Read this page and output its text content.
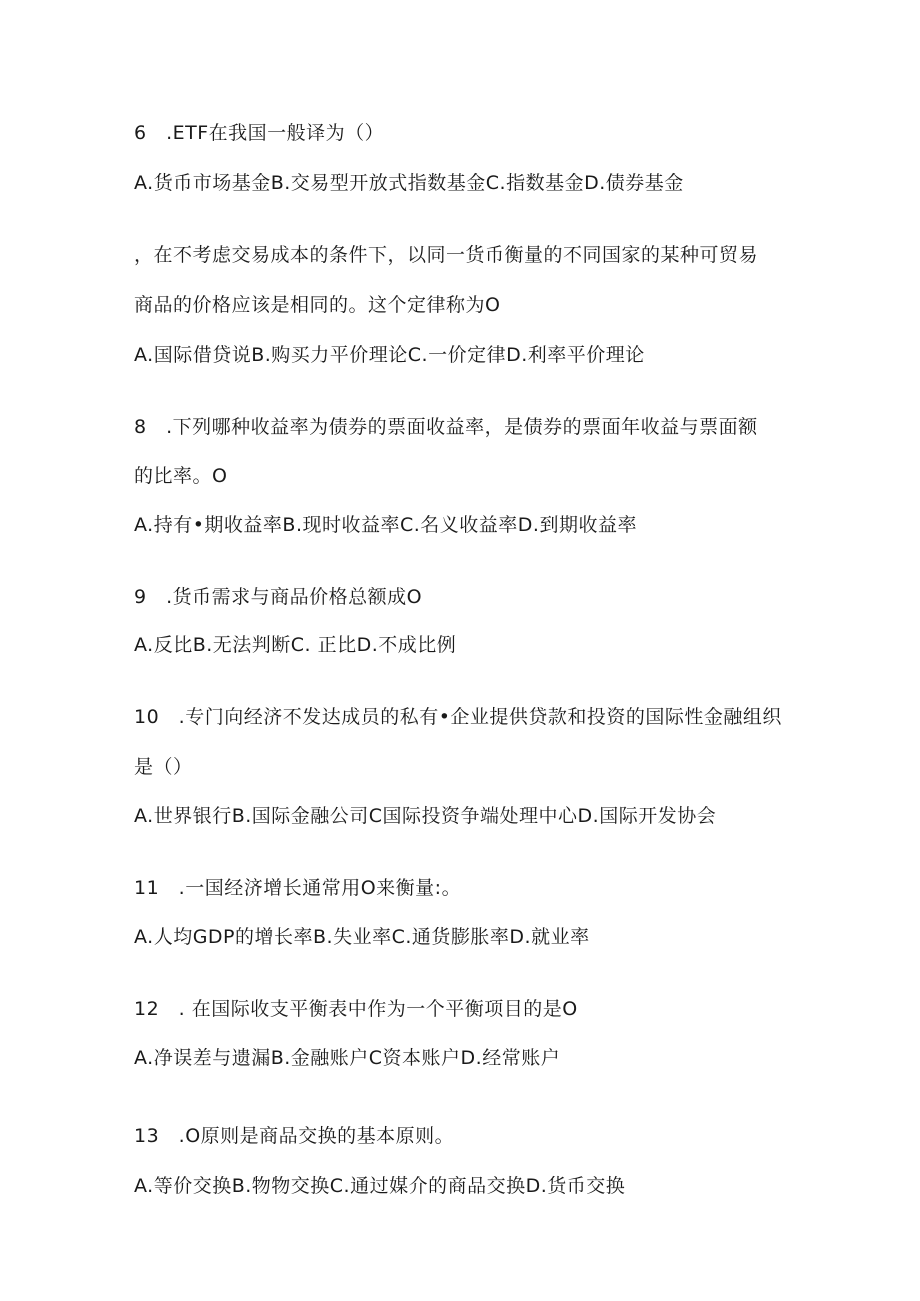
6 .ETF在我国一般译为（）
A.货币市场基金B.交易型开放式指数基金C.指数基金D.债券基金
，在不考虑交易成本的条件下，以同一货币衡量的不同国家的某种可贸易
商品的价格应该是相同的。这个定律称为O
A.国际借贷说B.购买力平价理论C.一价定律D.利率平价理论
8 .下列哪种收益率为债券的票面收益率，是债券的票面年收益与票面额
的比率。O
A.持有•期收益率B.现时收益率C.名义收益率D.到期收益率
9 .货币需求与商品价格总额成O
A.反比B.无法判断C. 正比D.不成比例
10 .专门向经济不发达成员的私有•企业提供贷款和投资的国际性金融组织
是（）
A.世界银行B.国际金融公司C国际投资争端处理中心D.国际开发协会
11 .一国经济增长通常用O来衡量:。
A.人均GDP的增长率B.失业率C.通货膨胀率D.就业率
12 . 在国际收支平衡表中作为一个平衡项目的是O
A.净误差与遗漏B.金融账户C资本账户D.经常账户
13 .O原则是商品交换的基本原则。
A.等价交换B.物物交换C.通过媒介的商品交换D.货币交换
